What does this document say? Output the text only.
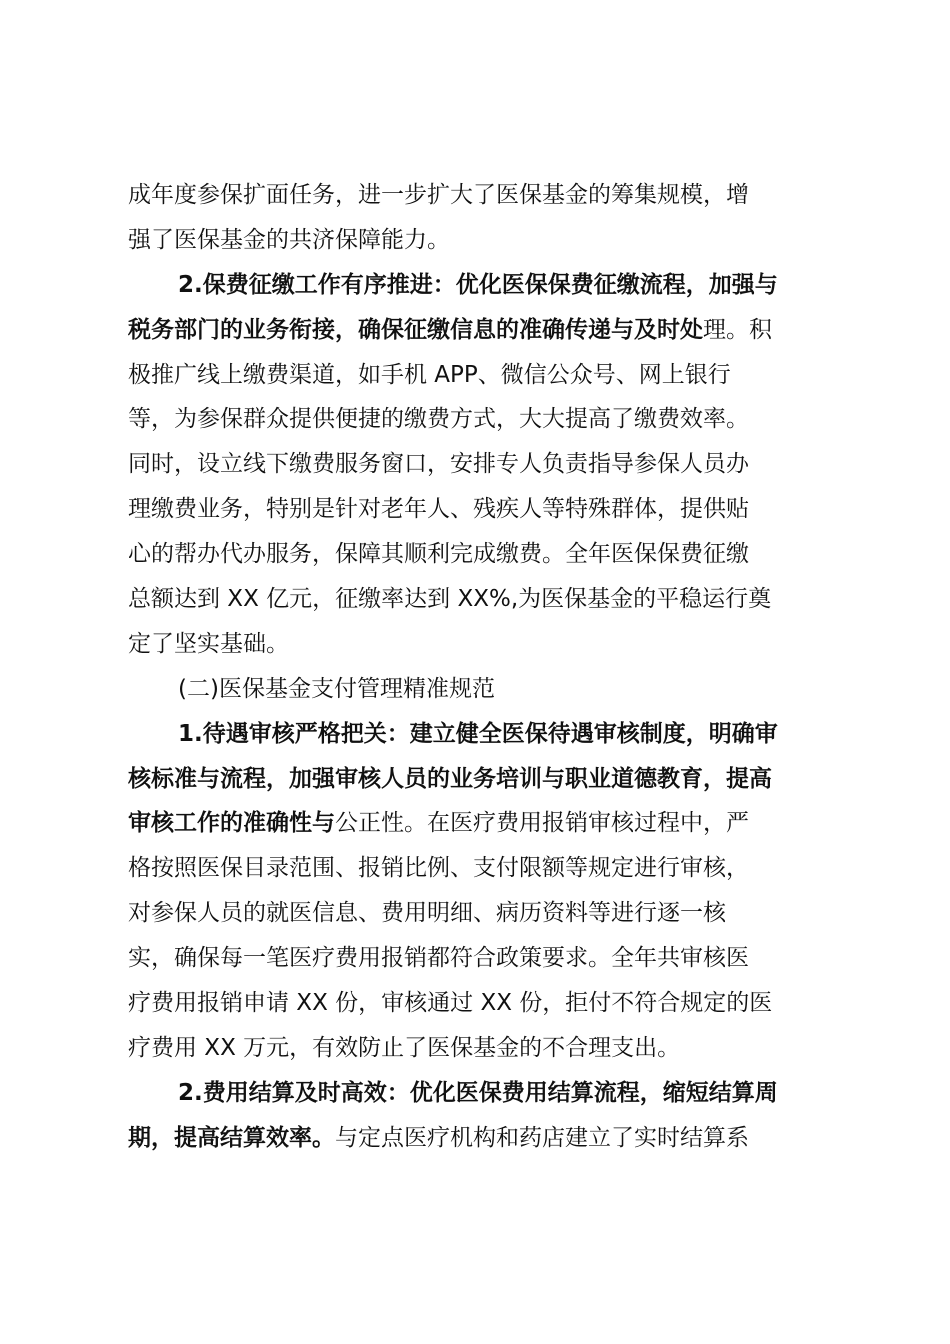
成年度参保扩面任务，进一步扩大了医保基金的筹集规模，增
强了医保基金的共济保障能力。
2.保费征缴工作有序推进：优化医保保费征缴流程，加强与
税务部门的业务衔接，确保征缴信息的准确传递与及时处理。积
极推广线上缴费渠道，如手机 APP、微信公众号、网上银行
等，为参保群众提供便捷的缴费方式，大大提高了缴费效率。
同时，设立线下缴费服务窗口，安排专人负责指导参保人员办
理缴费业务，特别是针对老年人、残疾人等特殊群体，提供贴
心的帮办代办服务，保障其顺利完成缴费。全年医保保费征缴
总额达到 XX 亿元，征缴率达到 XX%,为医保基金的平稳运行奠
定了坚实基础。
(二)医保基金支付管理精准规范
1.待遇审核严格把关：建立健全医保待遇审核制度，明确审
核标准与流程，加强审核人员的业务培训与职业道德教育，提高
审核工作的准确性与公正性。在医疗费用报销审核过程中，严
格按照医保目录范围、报销比例、支付限额等规定进行审核，
对参保人员的就医信息、费用明细、病历资料等进行逐一核
实，确保每一笔医疗费用报销都符合政策要求。全年共审核医
疗费用报销申请 XX 份，审核通过 XX 份，拒付不符合规定的医
疗费用 XX 万元，有效防止了医保基金的不合理支出。
2.费用结算及时高效：优化医保费用结算流程，缩短结算周
期，提高结算效率。与定点医疗机构和药店建立了实时结算系
